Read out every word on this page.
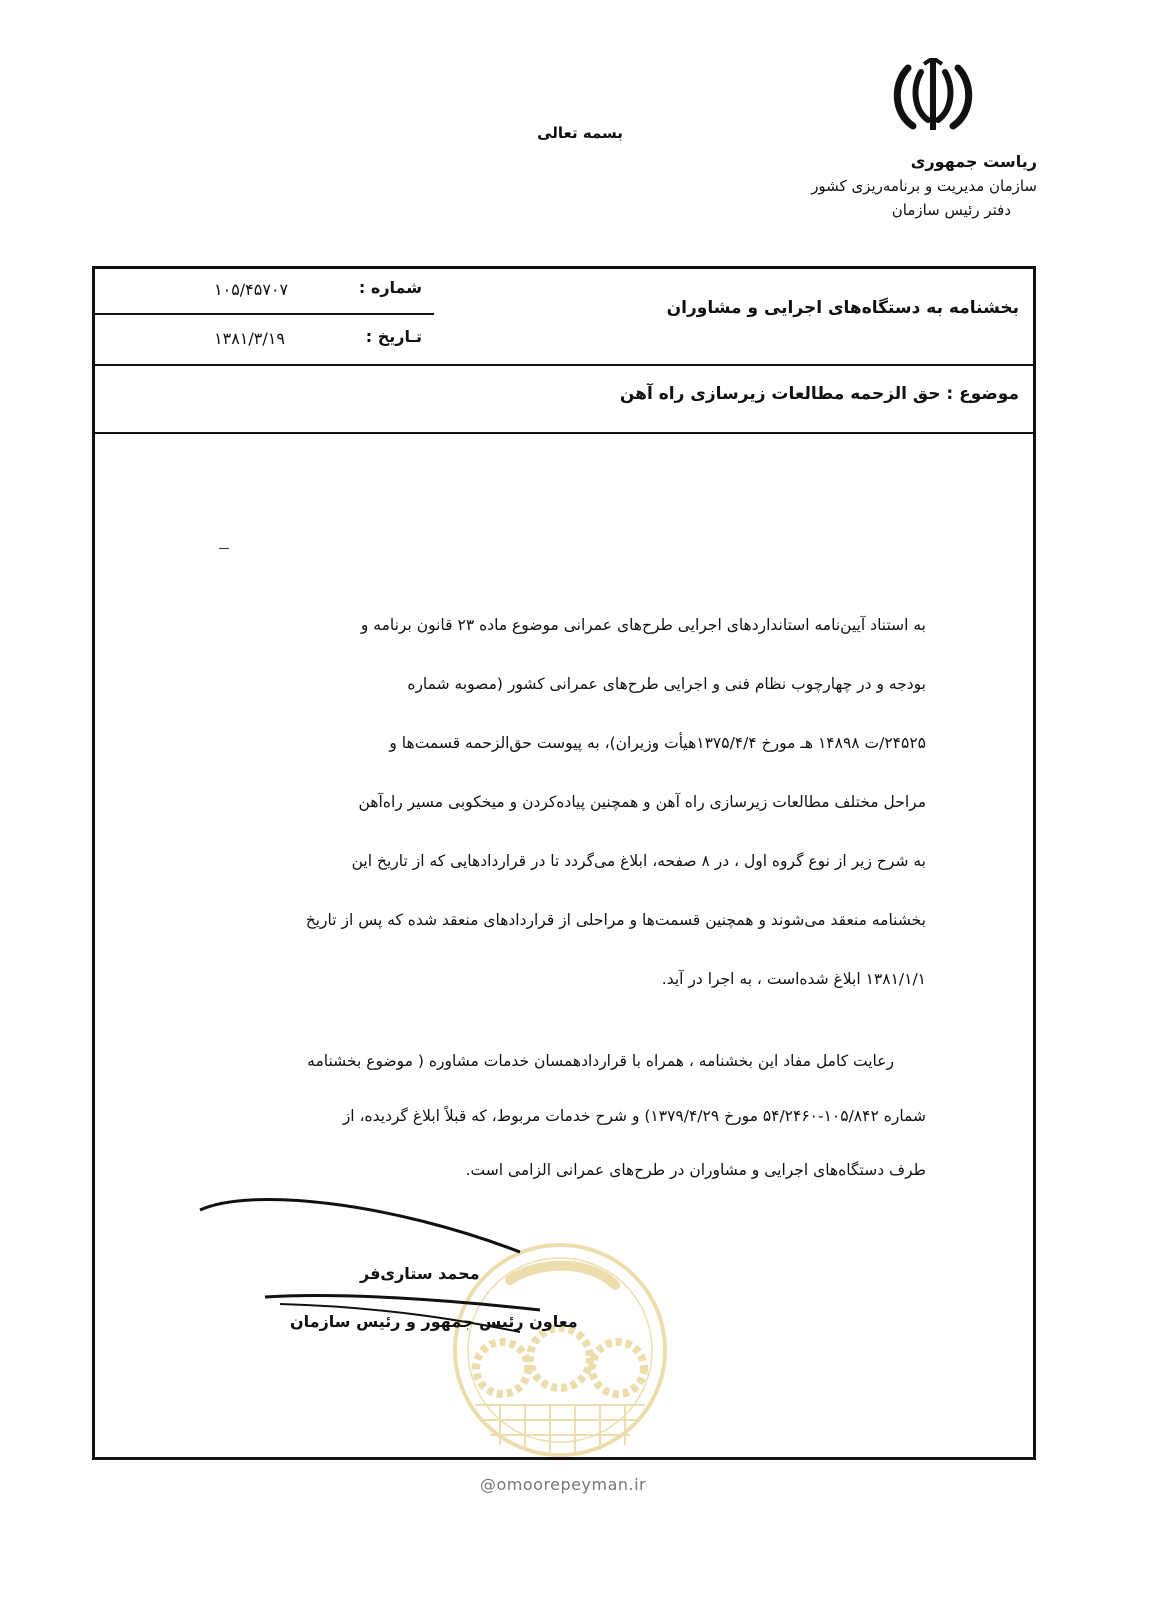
بسمه تعالی
ریاست جمهوری
سازمان مدیریت و برنامه‌ریزی کشور
دفتر رئیس سازمان
شماره :
۱۰۵/۴۵۷۰۷
تـاریخ :
۱۳۸۱/۳/۱۹
بخشنامه به دستگاه‌های اجرایی و مشاوران
موضوع : حق الزحمه مطالعات زیرسازی راه آهن

به استناد آیین‌نامه استانداردهای اجرایی طرح‌های عمرانی موضوع ماده ۲۳ قانون برنامه و

بودجه و در چهارچوب نظام فنی و اجرایی طرح‌های عمرانی کشور (مصوبه شماره

۲۴۵۲۵/ت ۱۴۸۹۸ هـ مورخ ۱۳۷۵/۴/۴هیأت وزیران)، به پیوست حق‌الزحمه قسمت‌ها و

مراحل مختلف مطالعات زیرسازی راه آهن و همچنین پیاده‌کردن و میخکوبی مسیر راه‌آهن

به شرح زیر از نوع گروه اول ، در ۸ صفحه، ابلاغ می‌گردد تا در قراردادهایی که از تاریخ این

بخشنامه منعقد می‌شوند و همچنین قسمت‌ها و مراحلی از قراردادهای منعقد شده که پس از تاریخ

۱۳۸۱/۱/۱ ابلاغ شده‌است ، به اجرا در آید.

رعایت کامل مفاد این بخشنامه ، همراه با قراردادهمسان خدمات مشاوره ( موضوع بخشنامه

شماره ۱۰۵/۸۴۲-۵۴/۲۴۶۰ مورخ ۱۳۷۹/۴/۲۹) و شرح خدمات مربوط، که قبلاً ابلاغ گردیده، از

طرف دستگاه‌های اجرایی و مشاوران در طرح‌های عمرانی الزامی است.

محمد ستاری‌فر
معاون رئیس جمهور و رئیس سازمان
@omoorepeyman.ir
